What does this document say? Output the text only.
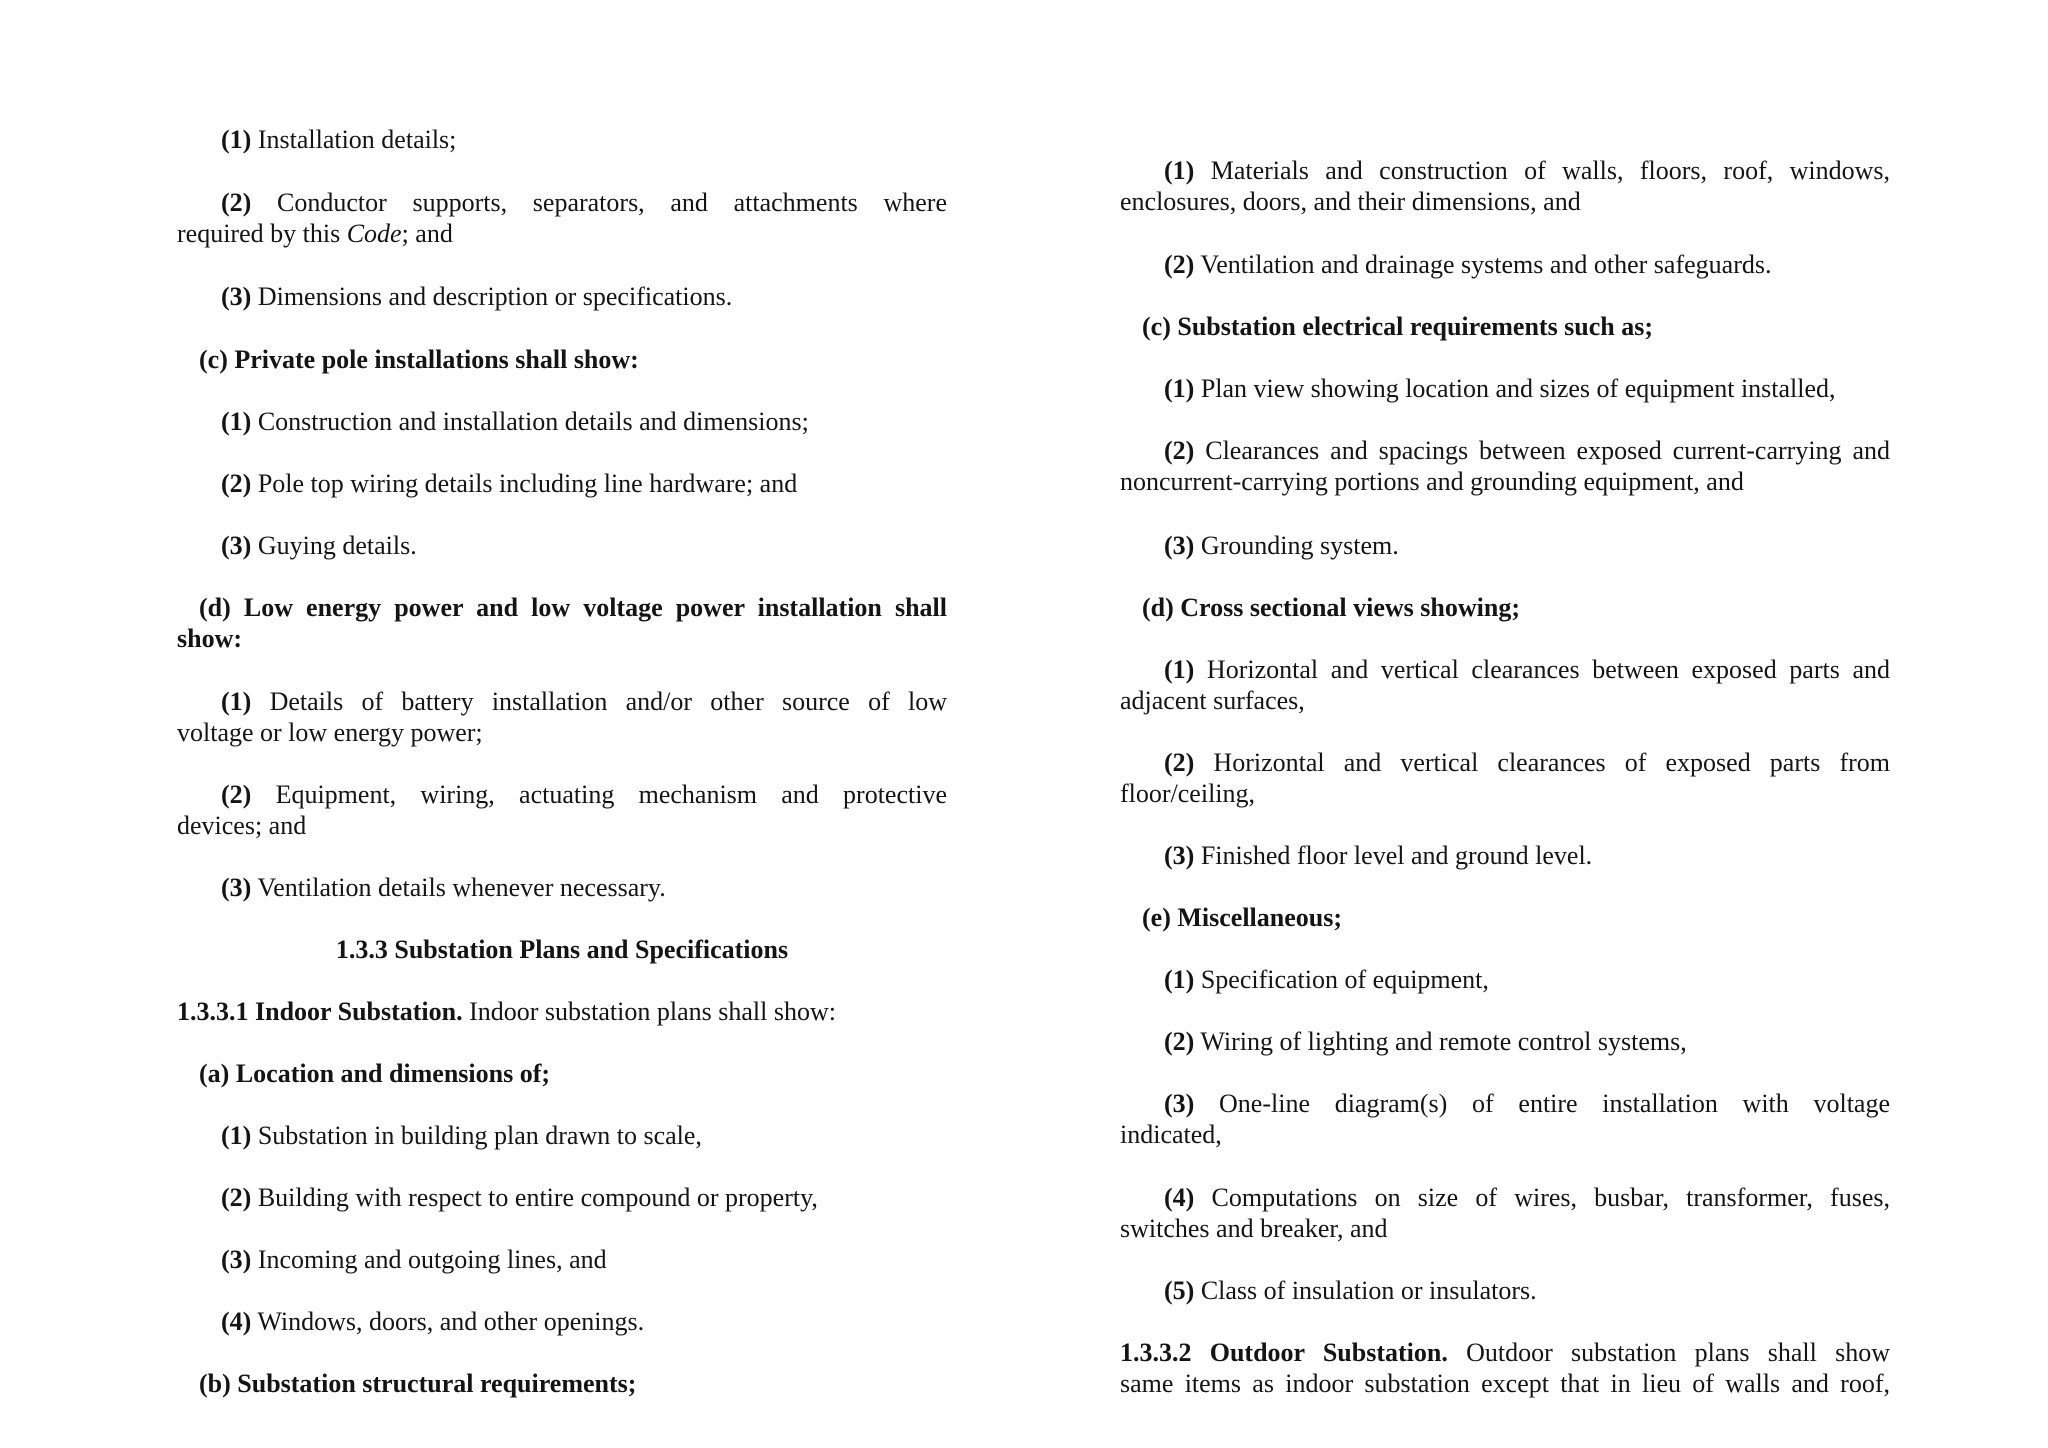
(1) Installation details;
(2) Conductor supports, separators, and attachments where
required by this Code; and
(3) Dimensions and description or specifications.
(c) Private pole installations shall show:
(1) Construction and installation details and dimensions;
(2) Pole top wiring details including line hardware; and
(3) Guying details.
(d) Low energy power and low voltage power installation shall
show:
(1) Details of battery installation and/or other source of low
voltage or low energy power;
(2) Equipment, wiring, actuating mechanism and protective
devices; and
(3) Ventilation details whenever necessary.
1.3.3 Substation Plans and Specifications
1.3.3.1 Indoor Substation. Indoor substation plans shall show:
(a) Location and dimensions of;
(1) Substation in building plan drawn to scale,
(2) Building with respect to entire compound or property,
(3) Incoming and outgoing lines, and
(4) Windows, doors, and other openings.
(b) Substation structural requirements;
(1) Materials and construction of walls, floors, roof, windows,
enclosures, doors, and their dimensions, and
(2) Ventilation and drainage systems and other safeguards.
(c) Substation electrical requirements such as;
(1) Plan view showing location and sizes of equipment installed,
(2) Clearances and spacings between exposed current-carrying and
noncurrent-carrying portions and grounding equipment, and
(3) Grounding system.
(d) Cross sectional views showing;
(1) Horizontal and vertical clearances between exposed parts and
adjacent surfaces,
(2) Horizontal and vertical clearances of exposed parts from
floor/ceiling,
(3) Finished floor level and ground level.
(e) Miscellaneous;
(1) Specification of equipment,
(2) Wiring of lighting and remote control systems,
(3) One-line diagram(s) of entire installation with voltage
indicated,
(4) Computations on size of wires, busbar, transformer, fuses,
switches and breaker, and
(5) Class of insulation or insulators.
1.3.3.2 Outdoor Substation. Outdoor substation plans shall show
same items as indoor substation except that in lieu of walls and roof,
